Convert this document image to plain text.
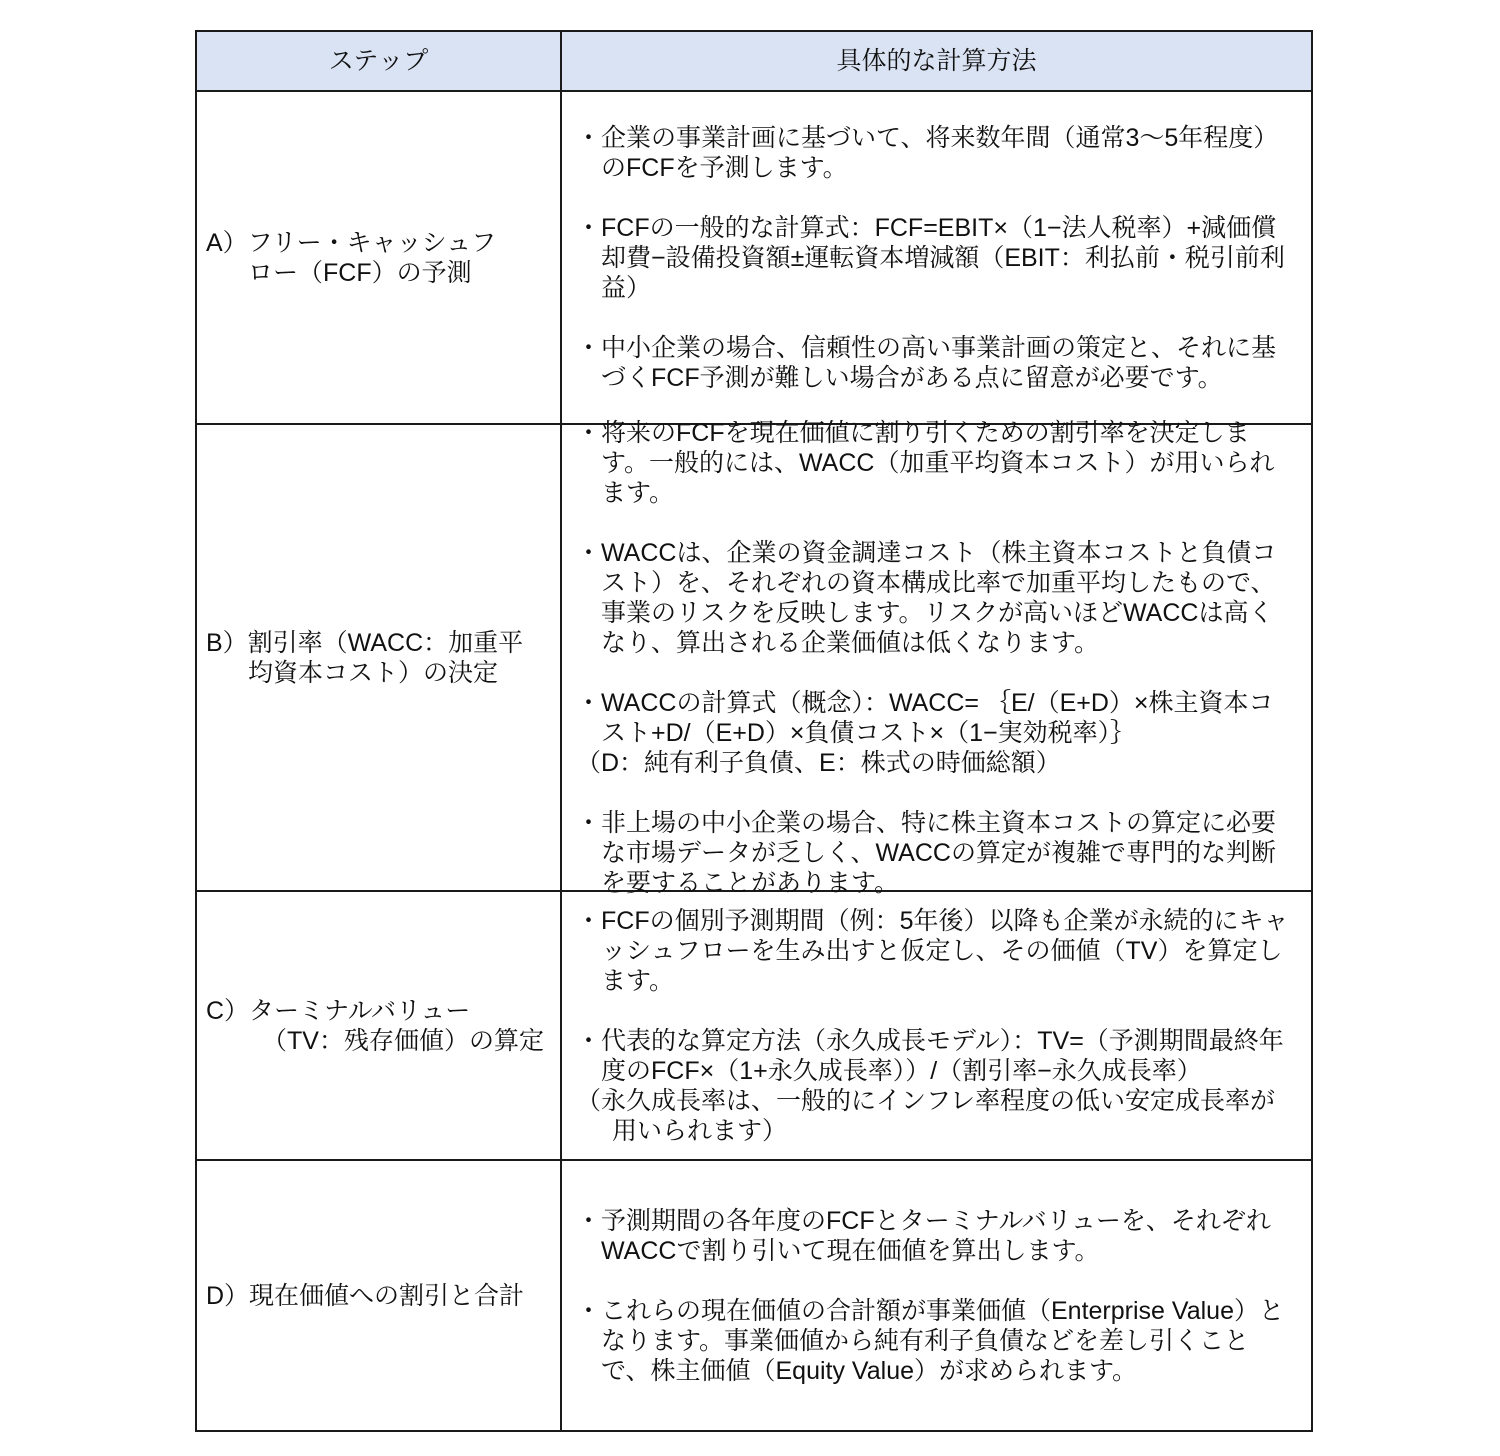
ステップ	具体的な計算方法
A）フリー・キャッシュフ
ロー（FCF）の予測
・企業の事業計画に基づいて、将来数年間（通常3〜5年程度）のFCFを予測します。
・FCFの一般的な計算式：FCF=EBIT×（1−法人税率）+減価償却費−設備投資額±運転資本増減額（EBIT：利払前・税引前利益）
・中小企業の場合、信頼性の高い事業計画の策定と、それに基づくFCF予測が難しい場合がある点に留意が必要です。
B）割引率（WACC：加重平
均資本コスト）の決定
・将来のFCFを現在価値に割り引くための割引率を決定します。一般的には、WACC（加重平均資本コスト）が用いられます。
・WACCは、企業の資金調達コスト（株主資本コストと負債コスト）を、それぞれの資本構成比率で加重平均したもので、事業のリスクを反映します。リスクが高いほどWACCは高くなり、算出される企業価値は低くなります。
・WACCの計算式（概念）：WACC= ｛E/（E+D）×株主資本コスト+D/（E+D）×負債コスト×（1−実効税率）｝
（D：純有利子負債、E：株式の時価総額）
・非上場の中小企業の場合、特に株主資本コストの算定に必要な市場データが乏しく、WACCの算定が複雑で専門的な判断を要することがあります。
C）ターミナルバリュー
（TV：残存価値）の算定
・FCFの個別予測期間（例：5年後）以降も企業が永続的にキャッシュフローを生み出すと仮定し、その価値（TV）を算定します。
・代表的な算定方法（永久成長モデル）：TV=（予測期間最終年度のFCF×（1+永久成長率））/（割引率−永久成長率）
（永久成長率は、一般的にインフレ率程度の低い安定成長率が用いられます）
D）現在価値への割引と合計
・予測期間の各年度のFCFとターミナルバリューを、それぞれWACCで割り引いて現在価値を算出します。
・これらの現在価値の合計額が事業価値（Enterprise Value）となります。事業価値から純有利子負債などを差し引くことで、株主価値（Equity Value）が求められます。
